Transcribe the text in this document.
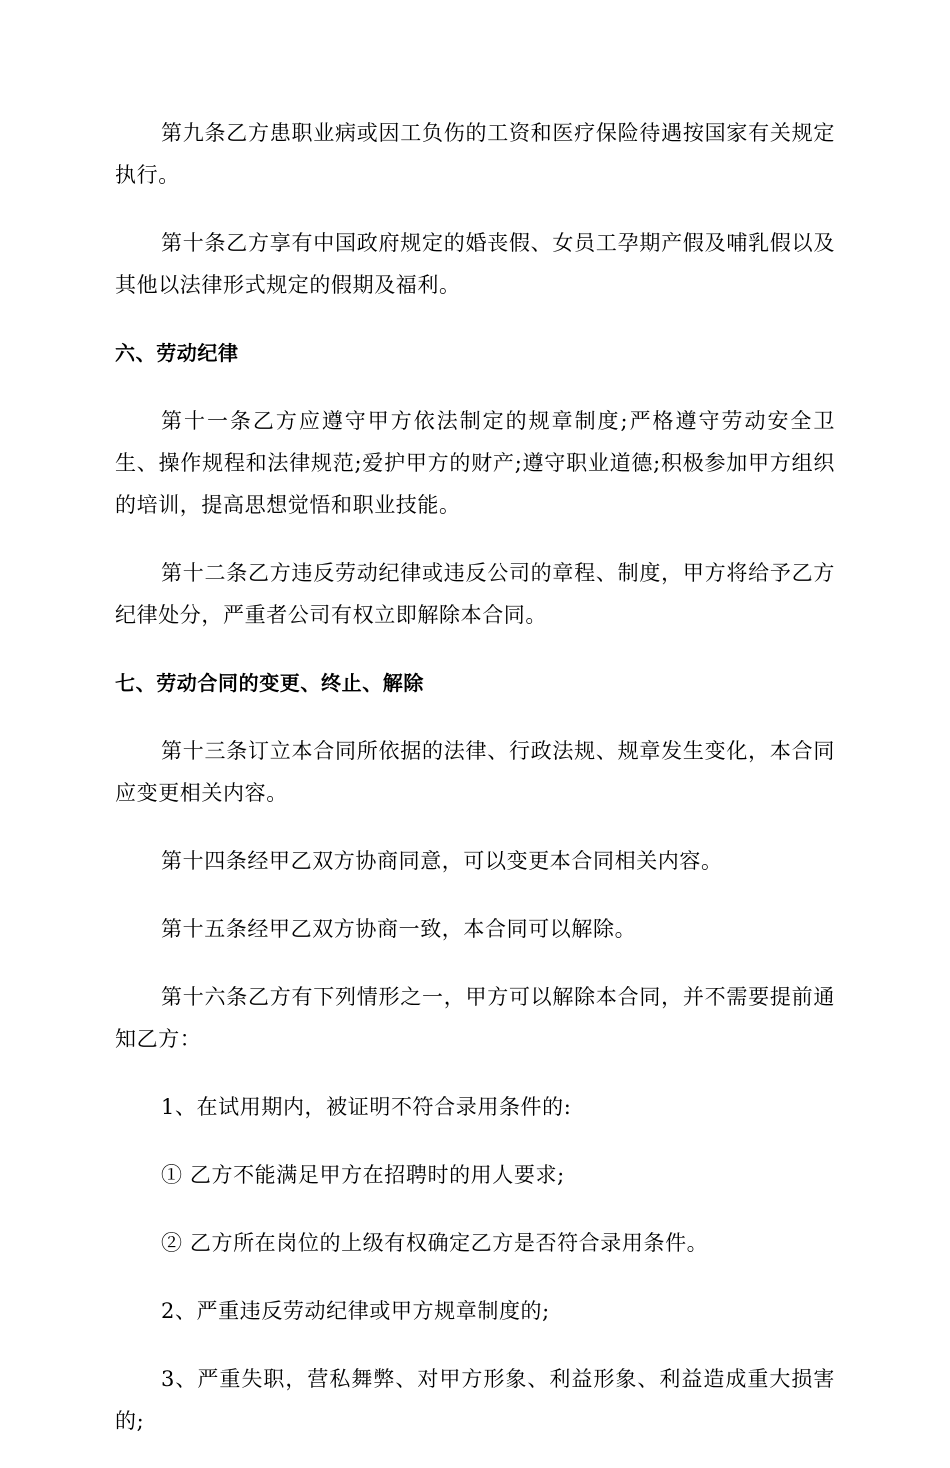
第九条乙方患职业病或因工负伤的工资和医疗保险待遇按国家有关规定执行。

第十条乙方享有中国政府规定的婚丧假、女员工孕期产假及哺乳假以及其他以法律形式规定的假期及福利。

六、劳动纪律

第十一条乙方应遵守甲方依法制定的规章制度;严格遵守劳动安全卫生、操作规程和法律规范;爱护甲方的财产;遵守职业道德;积极参加甲方组织的培训，提高思想觉悟和职业技能。

第十二条乙方违反劳动纪律或违反公司的章程、制度，甲方将给予乙方纪律处分，严重者公司有权立即解除本合同。

七、劳动合同的变更、终止、解除

第十三条订立本合同所依据的法律、行政法规、规章发生变化，本合同应变更相关内容。

第十四条经甲乙双方协商同意，可以变更本合同相关内容。

第十五条经甲乙双方协商一致，本合同可以解除。

第十六条乙方有下列情形之一，甲方可以解除本合同，并不需要提前通知乙方：

1、在试用期内，被证明不符合录用条件的:

① 乙方不能满足甲方在招聘时的用人要求;

② 乙方所在岗位的上级有权确定乙方是否符合录用条件。

2、严重违反劳动纪律或甲方规章制度的;

3、严重失职，营私舞弊、对甲方形象、利益形象、利益造成重大损害的;
